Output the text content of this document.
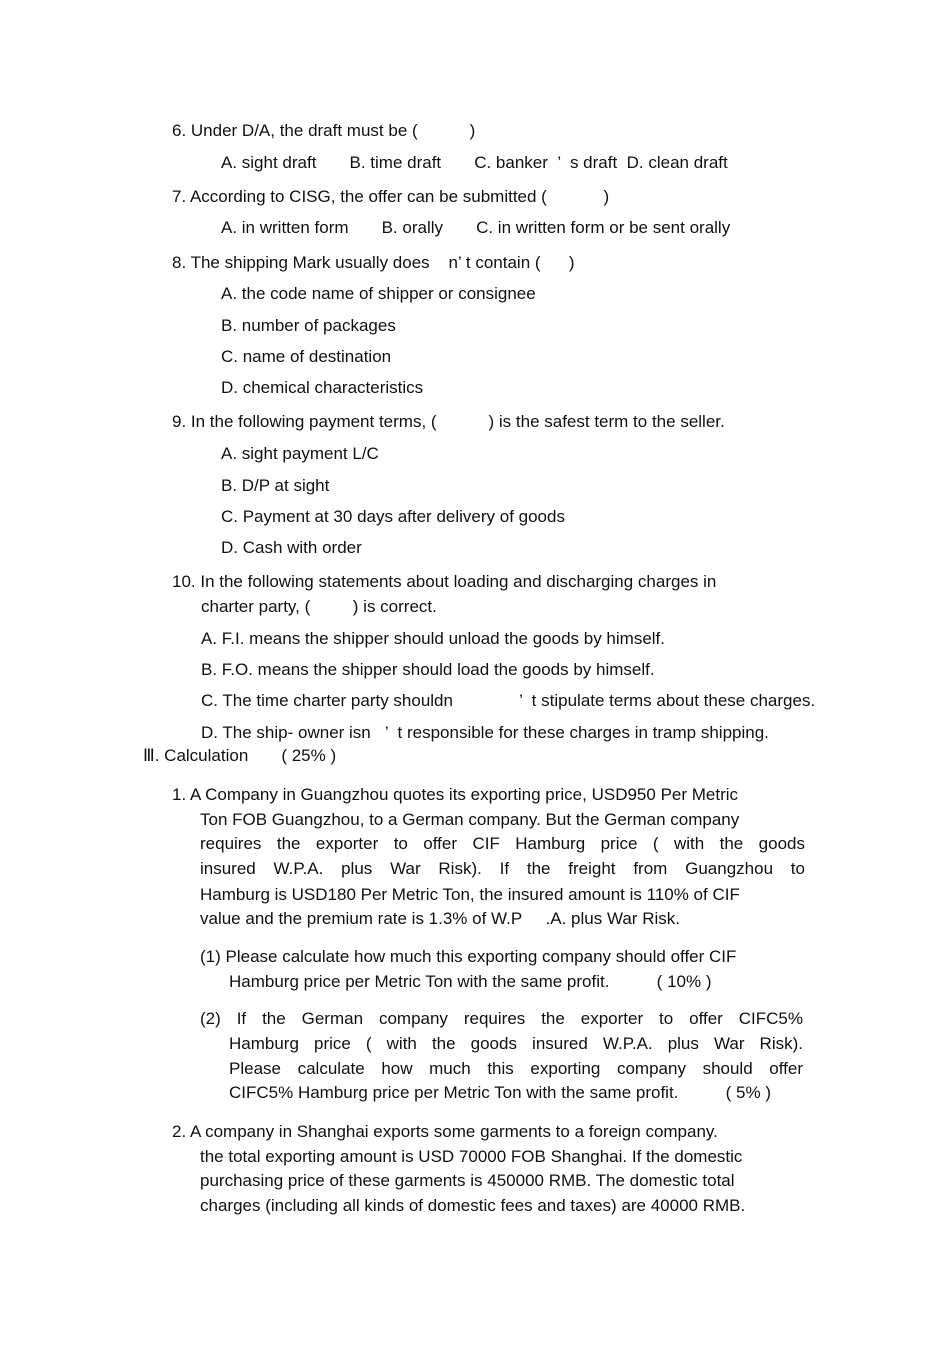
6. Under D/A, the draft must be (           )
A. sight draft       B. time draft       C. banker  ’  s draft  D. clean draft
7. According to CISG, the offer can be submitted (            )
A. in written form       B. orally       C. in written form or be sent orally
8. The shipping Mark usually does    n’ t contain (      )
A. the code name of shipper or consignee
B. number of packages
C. name of destination
D. chemical characteristics
9. In the following payment terms, (           ) is the safest term to the seller.
A. sight payment L/C
B. D/P at sight
C. Payment at 30 days after delivery of goods
D. Cash with order
10. In the following statements about loading and discharging charges in
charter party, (         ) is correct.
A. F.I. means the shipper should unload the goods by himself.
B. F.O. means the shipper should load the goods by himself.
C. The time charter party shouldn              ’  t stipulate terms about these charges.
D. The ship- owner isn   ’  t responsible for these charges in tramp shipping.
Ⅲ. Calculation       ( 25% )
1. A Company in Guangzhou quotes its exporting price, USD950 Per Metric
Ton FOB Guangzhou, to a German company. But the German company
requires the exporter to offer CIF Hamburg price ( with the goods
insured W.P.A. plus War Risk). If the freight from Guangzhou to
Hamburg is USD180 Per Metric Ton, the insured amount is 110% of CIF
value and the premium rate is 1.3% of W.P     .A. plus War Risk.
(1) Please calculate how much this exporting company should offer CIF
Hamburg price per Metric Ton with the same profit.          ( 10% )
(2) If the German company requires the exporter to offer CIFC5%
Hamburg price ( with the goods insured W.P.A. plus War Risk).
Please calculate how much this exporting company should offer
CIFC5% Hamburg price per Metric Ton with the same profit.          ( 5% )
2. A company in Shanghai exports some garments to a foreign company.
the total exporting amount is USD 70000 FOB Shanghai. If the domestic
purchasing price of these garments is 450000 RMB. The domestic total
charges (including all kinds of domestic fees and taxes) are 40000 RMB.
